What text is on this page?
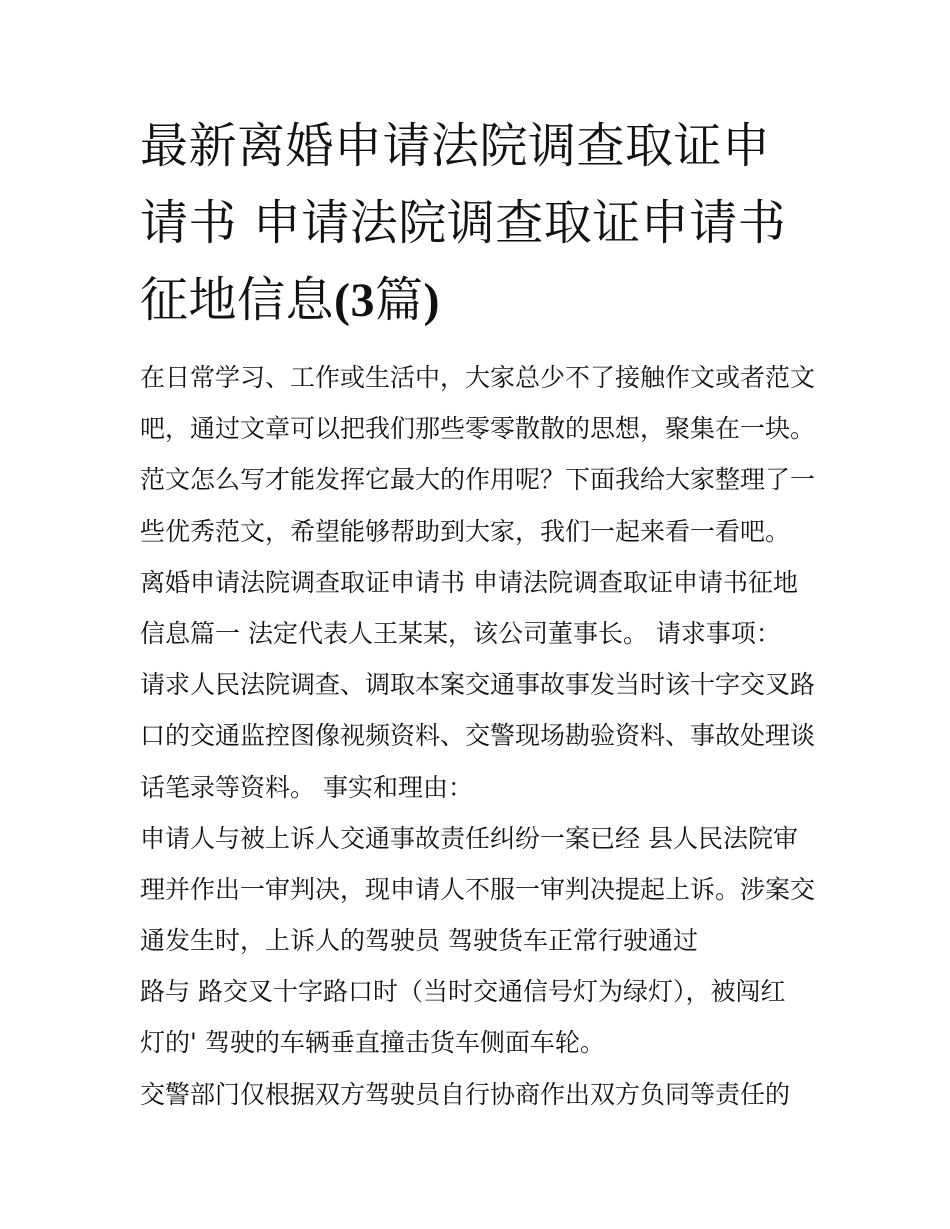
最新离婚申请法院调查取证申
请书 申请法院调查取证申请书
征地信息(3篇)
在日常学习、工作或生活中，大家总少不了接触作文或者范文
吧，通过文章可以把我们那些零零散散的思想，聚集在一块。
范文怎么写才能发挥它最大的作用呢？下面我给大家整理了一
些优秀范文，希望能够帮助到大家，我们一起来看一看吧。
离婚申请法院调查取证申请书 申请法院调查取证申请书征地
信息篇一 法定代表人王某某，该公司董事长。 请求事项：
请求人民法院调查、调取本案交通事故事发当时该十字交叉路
口的交通监控图像视频资料、交警现场勘验资料、事故处理谈
话笔录等资料。 事实和理由：
申请人与被上诉人交通事故责任纠纷一案已经 县人民法院审
理并作出一审判决，现申请人不服一审判决提起上诉。涉案交
通发生时，上诉人的驾驶员 驾驶货车正常行驶通过
路与 路交叉十字路口时（当时交通信号灯为绿灯），被闯红
灯的' 驾驶的车辆垂直撞击货车侧面车轮。
交警部门仅根据双方驾驶员自行协商作出双方负同等责任的
